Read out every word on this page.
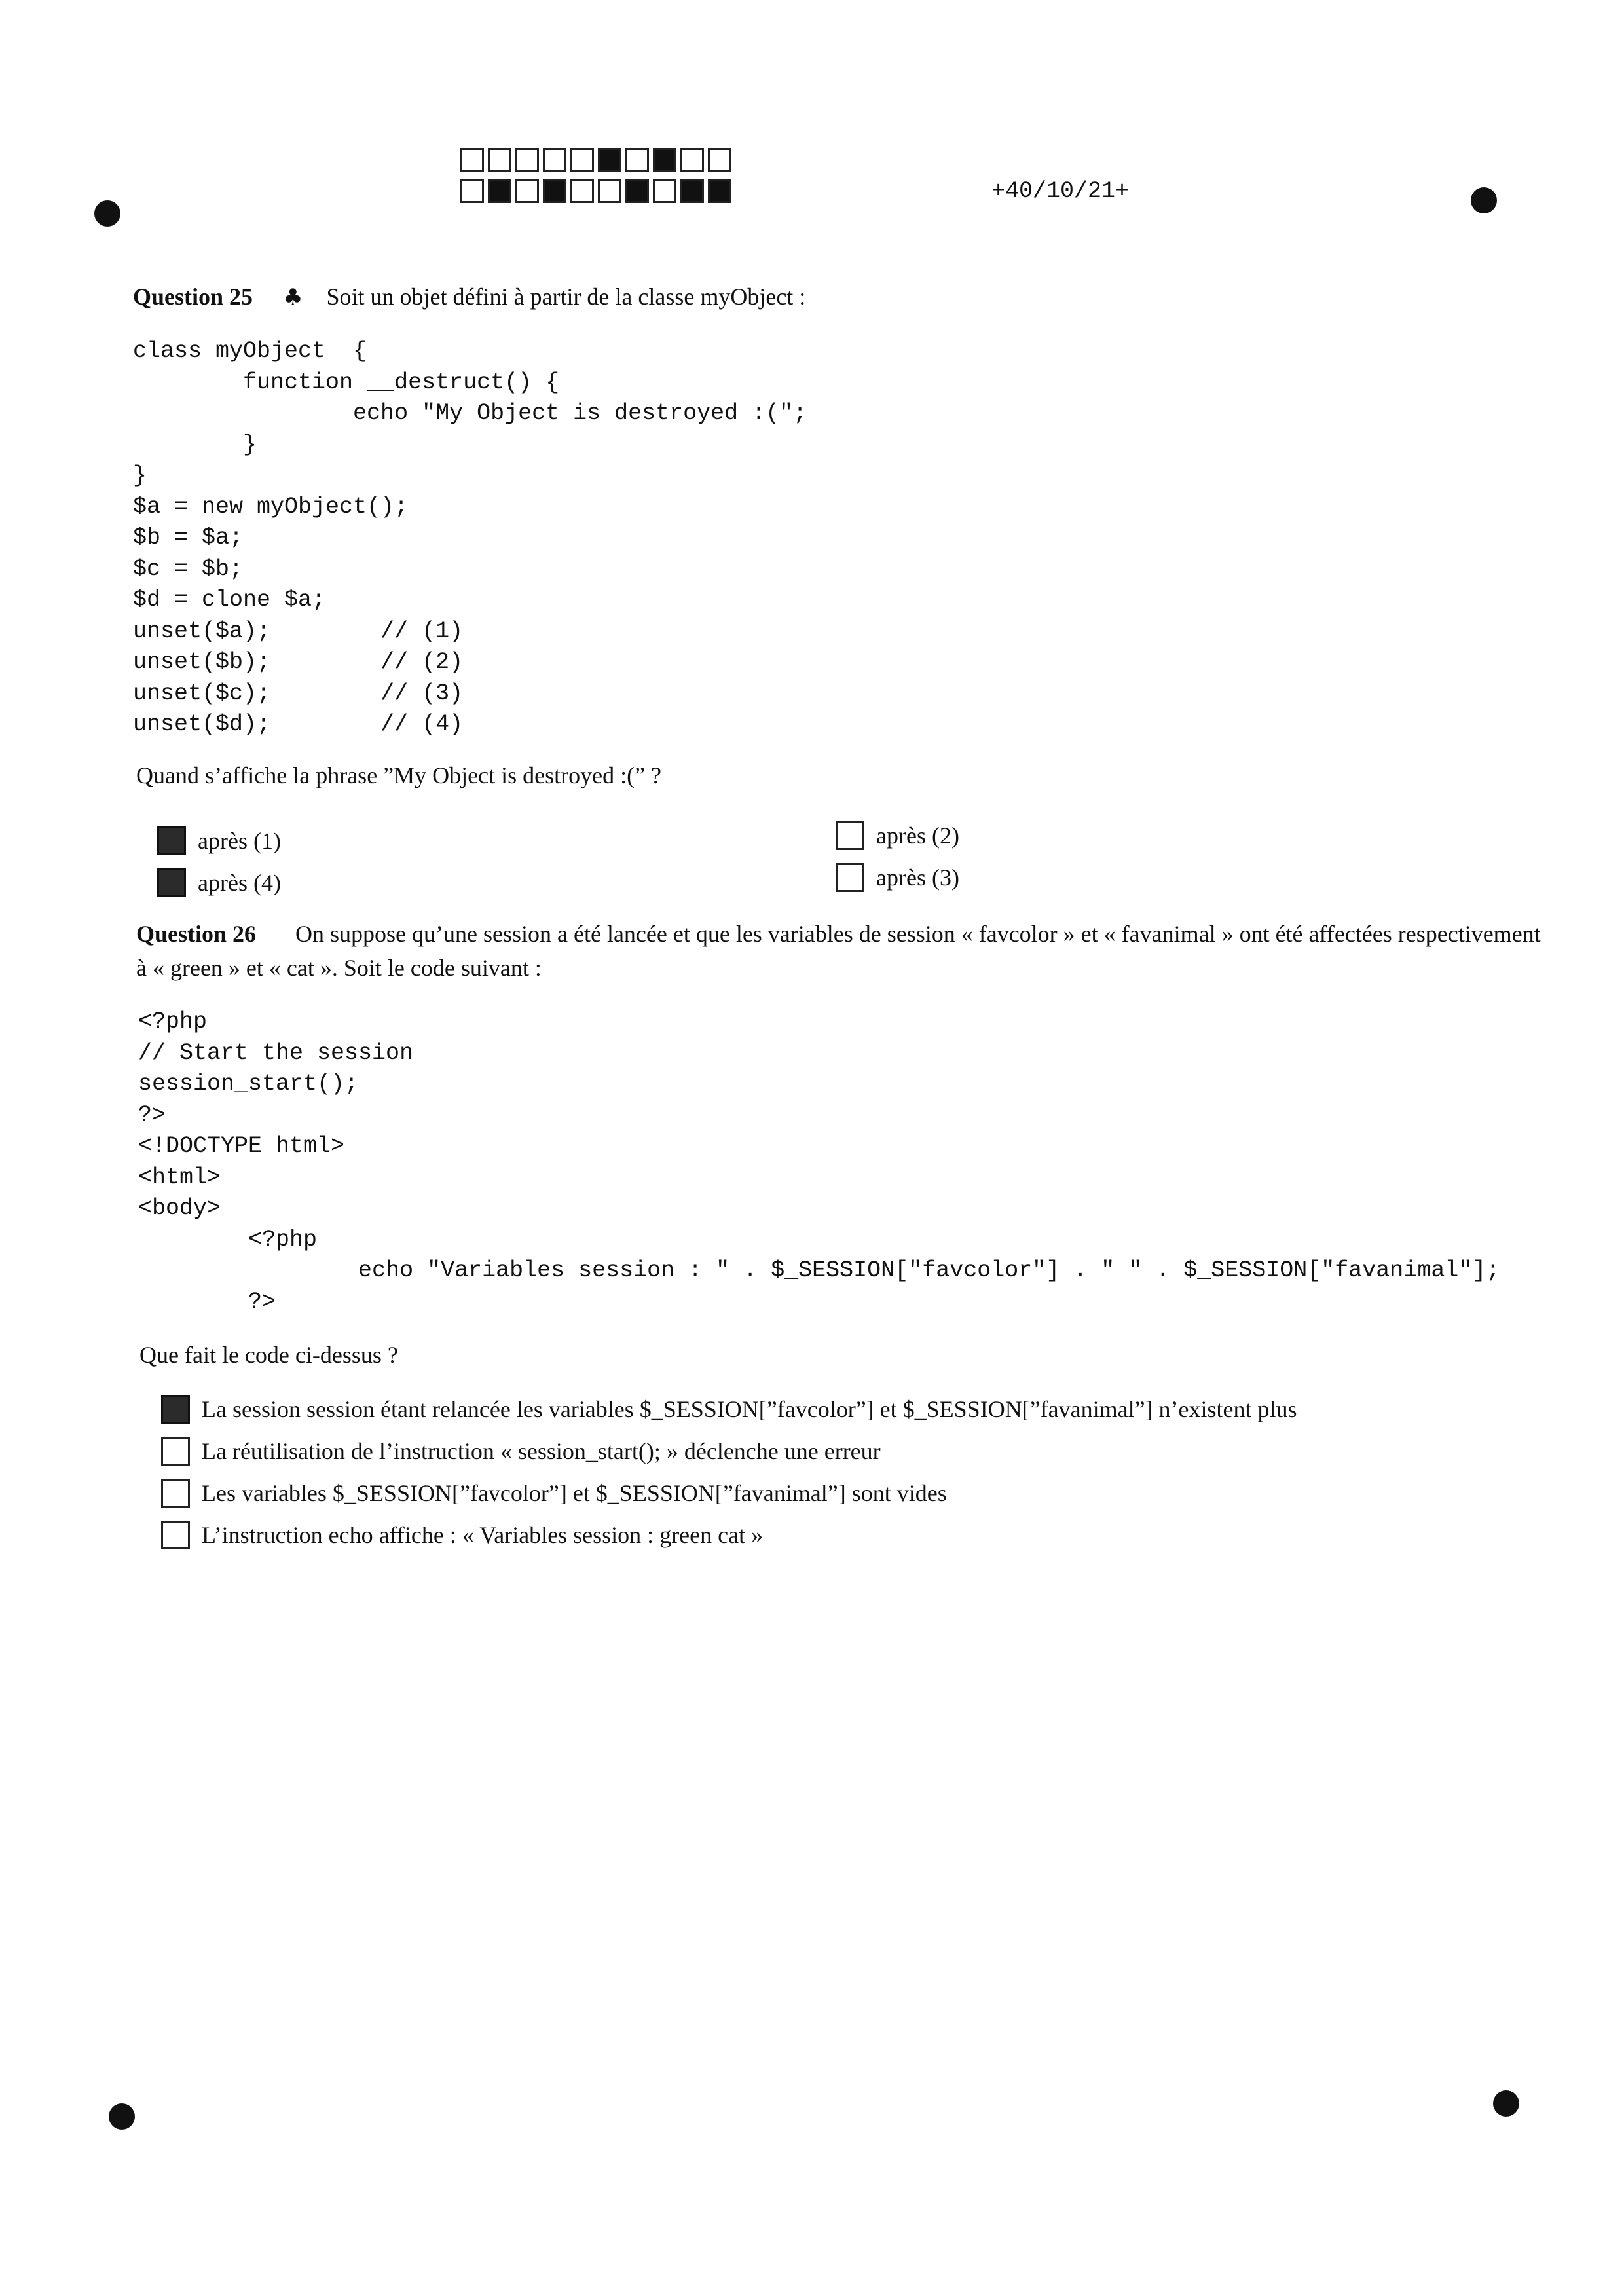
+40/10/21+
Question 25 ♣ Soit un objet défini à partir de la classe myObject :
class myObject  {
function __destruct() {
echo "My Object is destroyed :(";
}
}
$a = new myObject();
$b = $a;
$c = $b;
$d = clone $a;
unset($a);        // (1)
unset($b);        // (2)
unset($c);        // (3)
unset($d);        // (4)
Quand s’affiche la phrase ”My Object is destroyed :(” ?
après (1)
après (4)
après (2)
après (3)
Question 26 On suppose qu’une session a été lancée et que les variables de session « favcolor » et « favanimal » ont été affectées respectivement à « green » et « cat ». Soit le code suivant :
<?php
// Start the session
session_start();
?>
<!DOCTYPE html>
<html>
<body>
<?php
echo "Variables session : " . $_SESSION["favcolor"] . " " . $_SESSION["favanimal"];
?>
Que fait le code ci-dessus ?
La session session étant relancée les variables $_SESSION[”favcolor”] et $_SESSION[”favanimal”] n’existent plus
La réutilisation de l’instruction « session_start(); » déclenche une erreur
Les variables $_SESSION[”favcolor”] et $_SESSION[”favanimal”] sont vides
L’instruction echo affiche : « Variables session : green cat »
